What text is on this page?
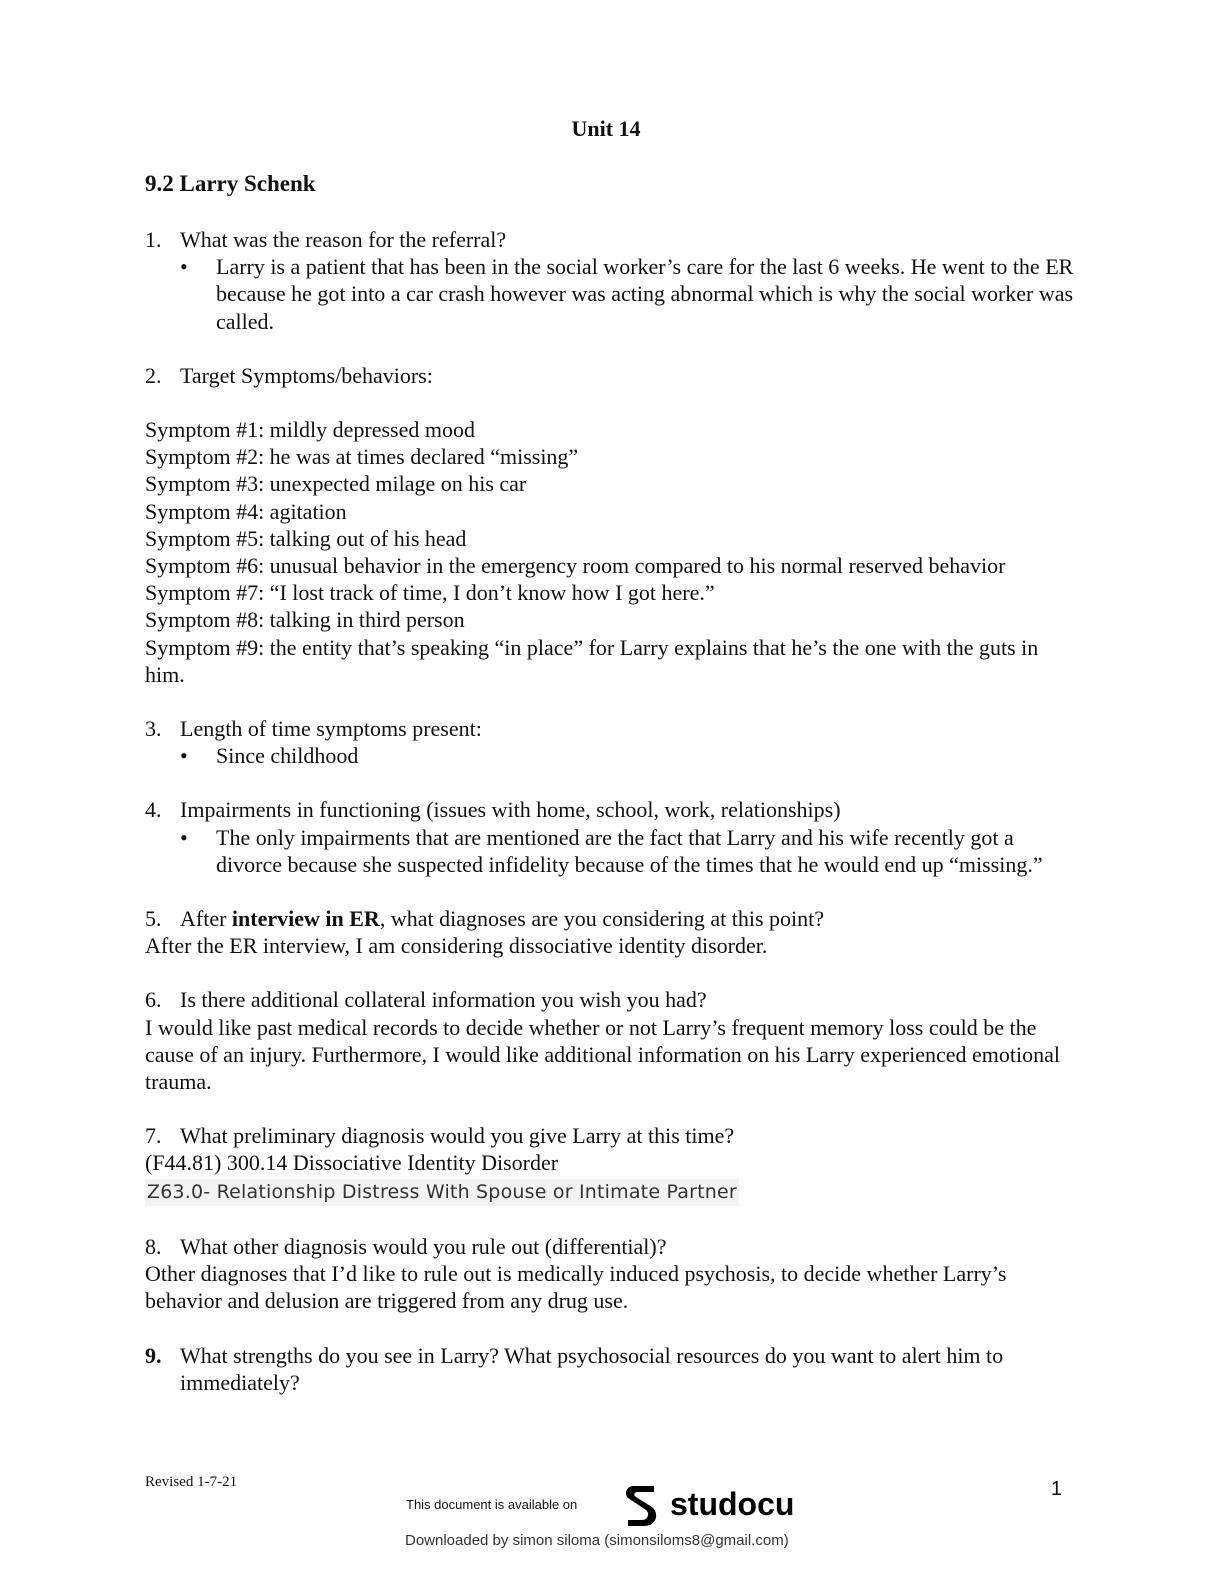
Unit 14
9.2 Larry Schenk
1. What was the reason for the referral?
•	Larry is a patient that has been in the social worker’s care for the last 6 weeks. He went to the ER because he got into a car crash however was acting abnormal which is why the social worker was called.
2. Target Symptoms/behaviors:

Symptom #1: mildly depressed mood

Symptom #2: he was at times declared “missing”

Symptom #3: unexpected milage on his car

Symptom #4: agitation

Symptom #5: talking out of his head

Symptom #6: unusual behavior in the emergency room compared to his normal reserved behavior

Symptom #7: “I lost track of time, I don’t know how I got here.”

Symptom #8: talking in third person

Symptom #9: the entity that’s speaking “in place” for Larry explains that he’s the one with the guts in him.

3. Length of time symptoms present:
•	Since childhood
4. Impairments in functioning (issues with home, school, work, relationships)
•	The only impairments that are mentioned are the fact that Larry and his wife recently got a divorce because she suspected infidelity because of the times that he would end up “missing.”
5. After interview in ER, what diagnoses are you considering at this point?

After the ER interview, I am considering dissociative identity disorder.

6. Is there additional collateral information you wish you had?

I would like past medical records to decide whether or not Larry’s frequent memory loss could be the cause of an injury. Furthermore, I would like additional information on his Larry experienced emotional trauma.

7. What preliminary diagnosis would you give Larry at this time?

(F44.81) 300.14 Dissociative Identity Disorder

Z63.0- Relationship Distress With Spouse or Intimate Partner

8. What other diagnosis would you rule out (differential)?

Other diagnoses that I’d like to rule out is medically induced psychosis, to decide whether Larry’s behavior and delusion are triggered from any drug use.

9. What strengths do you see in Larry? What psychosocial resources do you want to alert him to immediately?
Revised 1-7-21	1
This document is available on	studocu
Downloaded by simon siloma (simonsiloms8@gmail.com)
